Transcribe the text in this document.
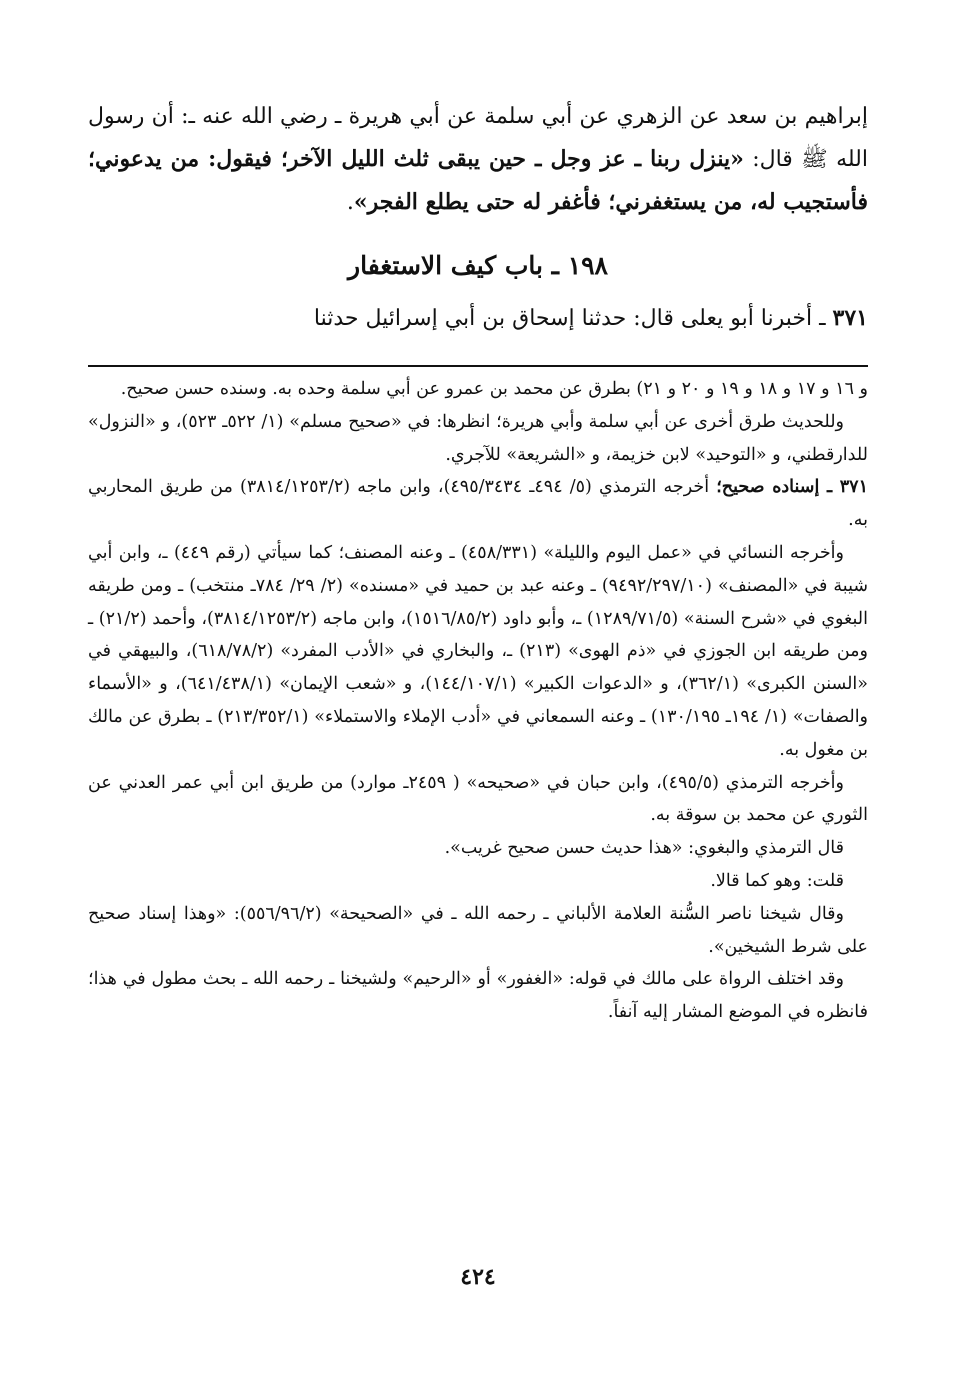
إبراهيم بن سعد عن الزهري عن أبي سلمة عن أبي هريرة ـ رضي الله عنه ـ: أن رسول الله ﷺ قال: «ينزل ربنا ـ عز وجل ـ حين يبقى ثلث الليل الآخر؛ فيقول: من يدعوني؛ فأستجيب له، من يستغفرني؛ فأغفر له حتى يطلع الفجر».

١٩٨ ـ باب كيف الاستغفار

٣٧١ ـ أخبرنا أبو يعلى قال: حدثنا إسحاق بن أبي إسرائيل حدثنا

و ١٦ و ١٧ و ١٨ و ١٩ و ٢٠ و ٢١) بطرق عن محمد بن عمرو عن أبي سلمة وحده به. وسنده حسن صحيح.

وللحديث طرق أخرى عن أبي سلمة وأبي هريرة؛ انظرها: في «صحيح مسلم» (١/ ٥٢٢ـ ٥٢٣)، و «النزول» للدارقطني، و «التوحيد» لابن خزيمة، و «الشريعة» للآجري.

٣٧١ ـ إسناده صحيح؛ أخرجه الترمذي (٥/ ٤٩٤ـ ٤٩٥/٣٤٣٤)، وابن ماجه (٣٨١٤/١٢٥٣/٢) من طريق المحاربي به.

وأخرجه النسائي في «عمل اليوم والليلة» (٤٥٨/٣٣١) ـ وعنه المصنف؛ كما سيأتي (رقم ٤٤٩) ـ، وابن أبي شيبة في «المصنف» (٩٤٩٢/٢٩٧/١٠) ـ وعنه عبد بن حميد في «مسنده» (٢/ ٢٩/ ٧٨٤ـ منتخب) ـ ومن طريقه البغوي في «شرح السنة» (١٢٨٩/٧١/٥) ـ، وأبو داود (١٥١٦/٨٥/٢)، وابن ماجه (٣٨١٤/١٢٥٣/٢)، وأحمد (٢١/٢) ـ ومن طريقه ابن الجوزي في «ذم الهوى» (٢١٣) ـ، والبخاري في «الأدب المفرد» (٦١٨/٧٨/٢)، والبيهقي في «السنن الكبرى» (٣٦٢/١)، و «الدعوات الكبير» (١٤٤/١٠٧/١)، و «شعب الإيمان» (٦٤١/٤٣٨/١)، و «الأسماء والصفات» (١/ ١٩٤ـ ١٣٠/١٩٥) ـ وعنه السمعاني في «أدب الإملاء والاستملاء» (٢١٣/٣٥٢/١) ـ بطرق عن مالك بن مغول به.

وأخرجه الترمذي (٤٩٥/٥)، وابن حبان في «صحيحه» ( ٢٤٥٩ـ موارد) من طريق ابن أبي عمر العدني عن الثوري عن محمد بن سوقة به.

قال الترمذي والبغوي: «هذا حديث حسن صحيح غريب».

قلت: وهو كما قالا.

وقال شيخنا ناصر السُّنة العلامة الألباني ـ رحمه الله ـ في «الصحيحة» (٥٥٦/٩٦/٢): «وهذا إسناد صحيح على شرط الشيخين».

وقد اختلف الرواة على مالك في قوله: «الغفور» أو «الرحيم» ولشيخنا ـ رحمه الله ـ بحث مطول في هذا؛ فانظره في الموضع المشار إليه آنفاً.

٤٢٤
